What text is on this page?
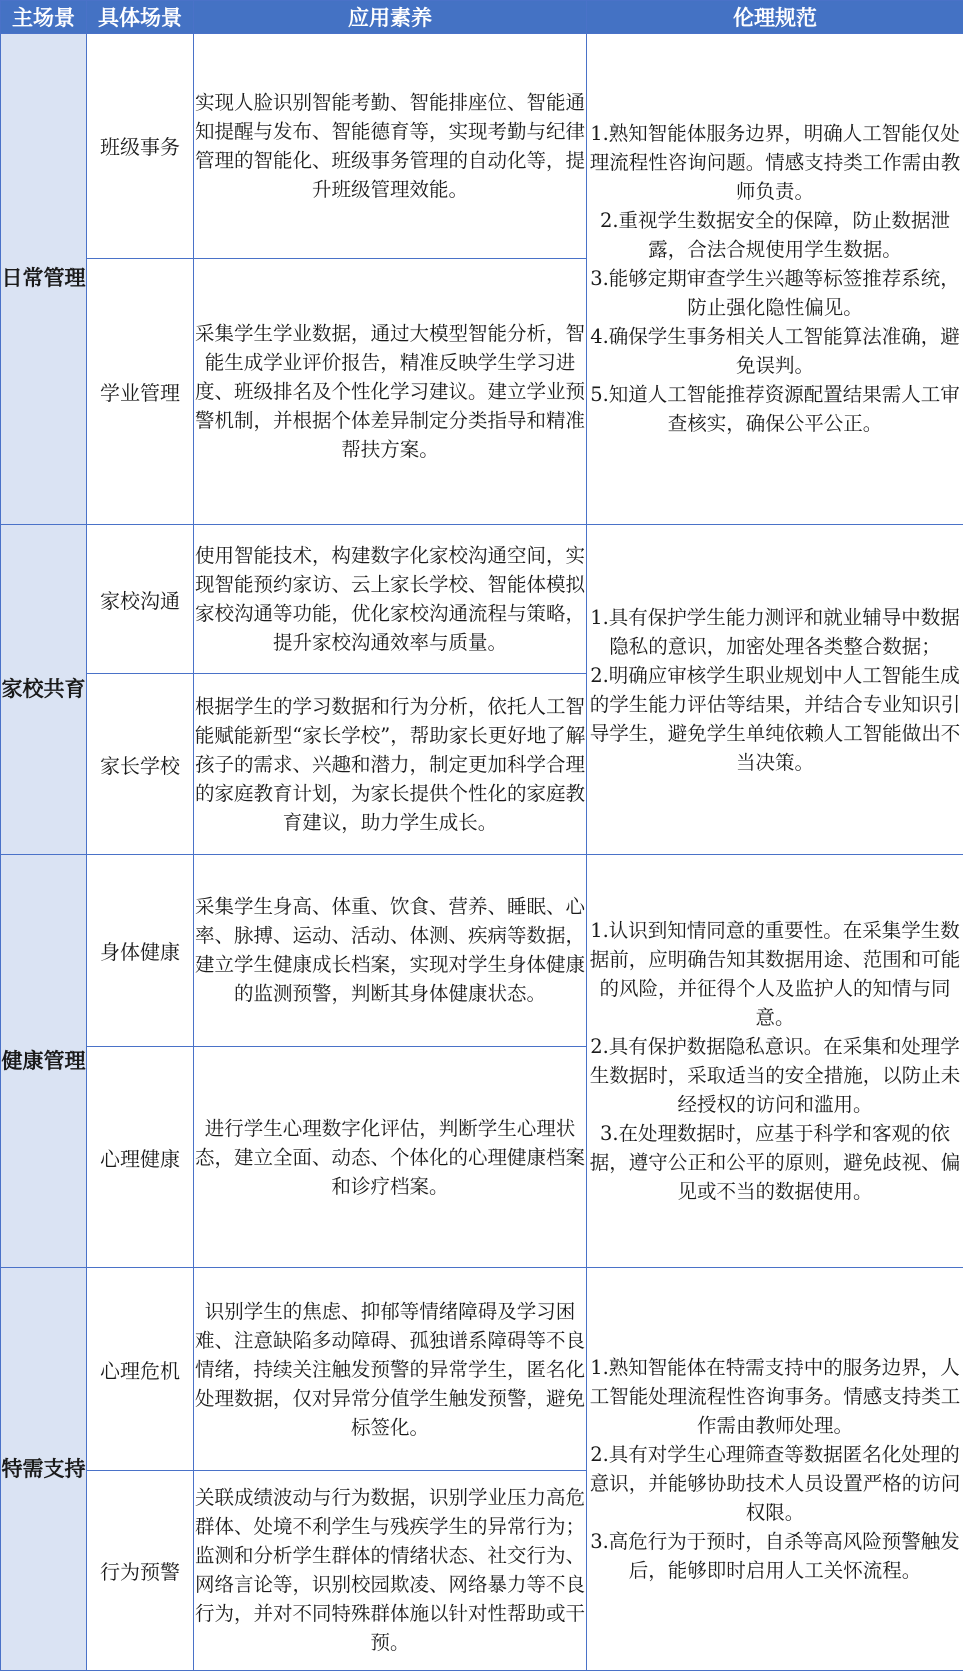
主场景	具体场景	应用素养	伦理规范
日常管理	班级事务	实现人脸识别智能考勤、智能排座位、智能通知提醒与发布、智能德育等，实现考勤与纪律管理的智能化、班级事务管理的自动化等，提升班级管理效能。	1.熟知智能体服务边界，明确人工智能仅处理流程性咨询问题。情感支持类工作需由教师负责。
2.重视学生数据安全的保障，防止数据泄露，合法合规使用学生数据。
3.能够定期审查学生兴趣等标签推荐系统，防止强化隐性偏见。
4.确保学生事务相关人工智能算法准确，避免误判。
5.知道人工智能推荐资源配置结果需人工审查核实，确保公平公正。

	学业管理	采集学生学业数据，通过大模型智能分析，智能生成学业评价报告，精准反映学生学习进度、班级排名及个性化学习建议。建立学业预警机制，并根据个体差异制定分类指导和精准帮扶方案。	
家校共育	家校沟通	使用智能技术，构建数字化家校沟通空间，实现智能预约家访、云上家长学校、智能体模拟家校沟通等功能，优化家校沟通流程与策略，提升家校沟通效率与质量。	1.具有保护学生能力测评和就业辅导中数据隐私的意识，加密处理各类整合数据；
2.明确应审核学生职业规划中人工智能生成的学生能力评估等结果，并结合专业知识引导学生，避免学生单纯依赖人工智能做出不当决策。

	家长学校	根据学生的学习数据和行为分析，依托人工智能赋能新型“家长学校”，帮助家长更好地了解孩子的需求、兴趣和潜力，制定更加科学合理的家庭教育计划，为家长提供个性化的家庭教育建议，助力学生成长。	
健康管理	身体健康	采集学生身高、体重、饮食、营养、睡眠、心率、脉搏、运动、活动、体测、疾病等数据，建立学生健康成长档案，实现对学生身体健康的监测预警，判断其身体健康状态。	1.认识到知情同意的重要性。在采集学生数据前，应明确告知其数据用途、范围和可能的风险，并征得个人及监护人的知情与同意。
2.具有保护数据隐私意识。在采集和处理学生数据时，采取适当的安全措施，以防止未经授权的访问和滥用。
3.在处理数据时，应基于科学和客观的依据，遵守公正和公平的原则，避免歧视、偏见或不当的数据使用。

	心理健康	进行学生心理数字化评估，判断学生心理状态，建立全面、动态、个体化的心理健康档案和诊疗档案。	
特需支持	心理危机	识别学生的焦虑、抑郁等情绪障碍及学习困难、注意缺陷多动障碍、孤独谱系障碍等不良情绪，持续关注触发预警的异常学生，匿名化处理数据，仅对异常分值学生触发预警，避免标签化。	1.熟知智能体在特需支持中的服务边界，人工智能处理流程性咨询事务。情感支持类工作需由教师处理。
2.具有对学生心理筛查等数据匿名化处理的意识，并能够协助技术人员设置严格的访问权限。
3.高危行为于预时，自杀等高风险预警触发后，能够即时启用人工关怀流程。

	行为预警	关联成绩波动与行为数据，识别学业压力高危群体、处境不利学生与残疾学生的异常行为；监测和分析学生群体的情绪状态、社交行为、网络言论等，识别校园欺凌、网络暴力等不良行为，并对不同特殊群体施以针对性帮助或干预。	
